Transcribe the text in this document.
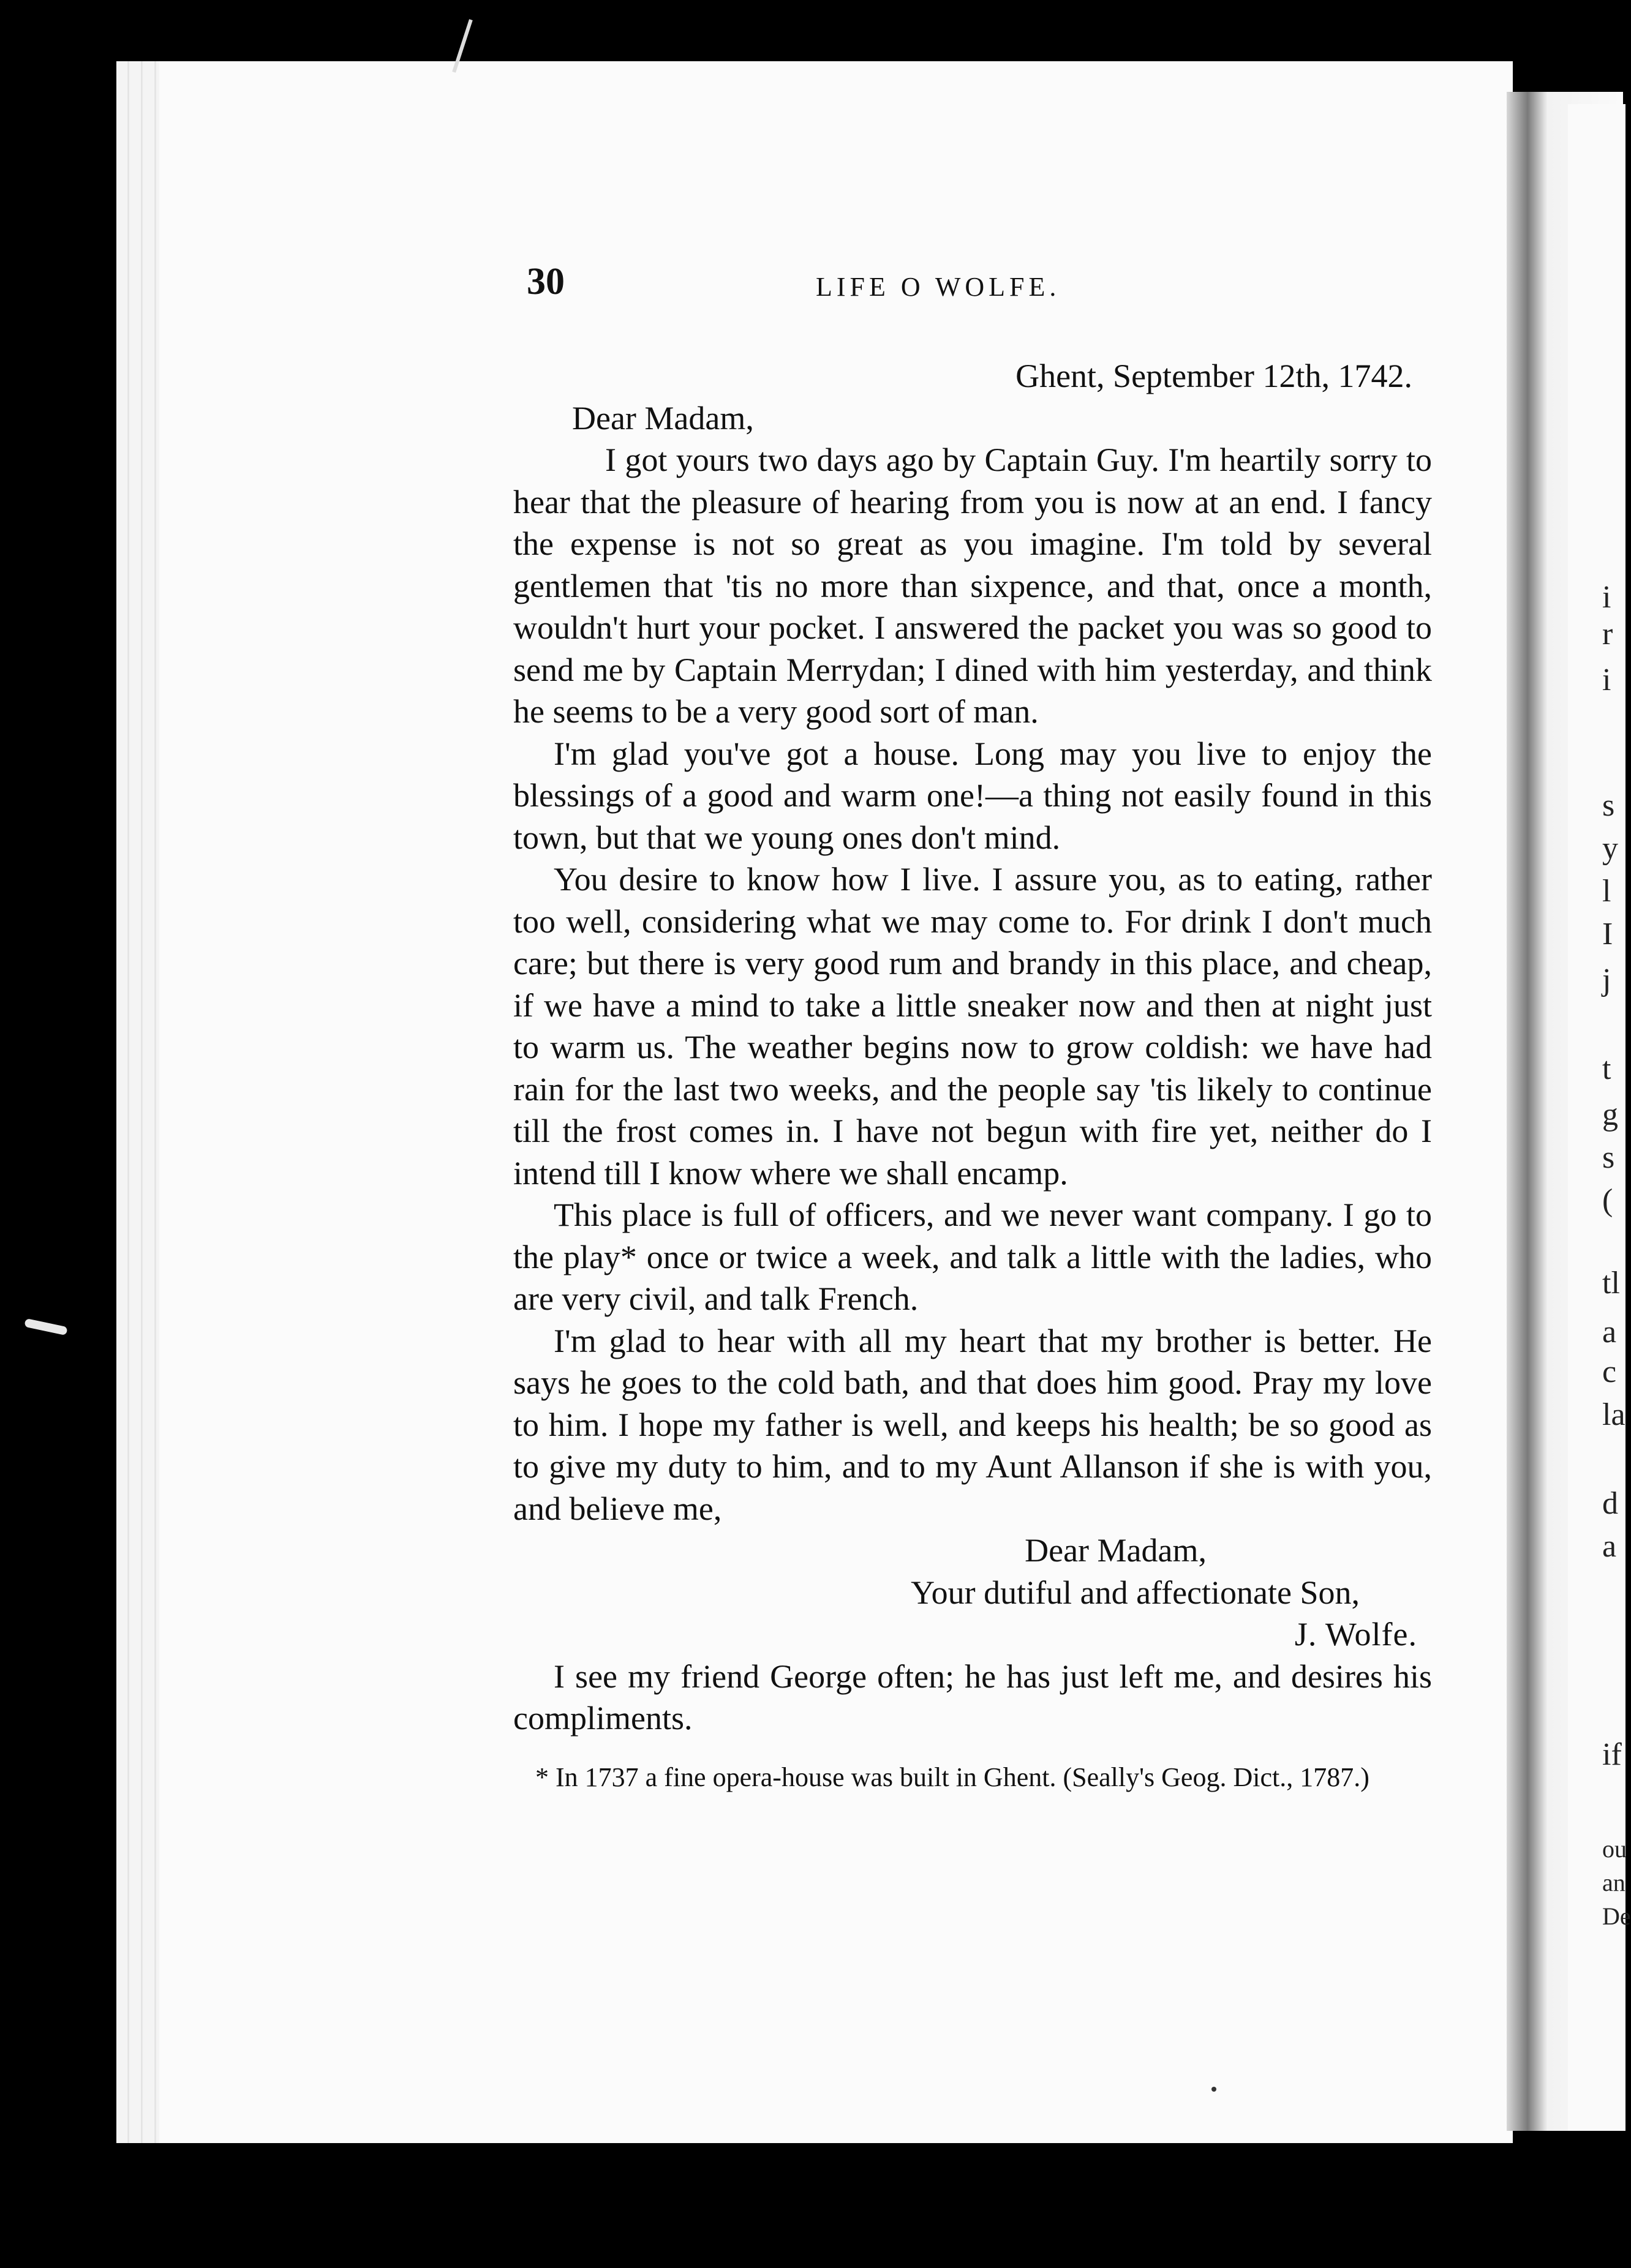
i
r
i
s
y
l
I
j
t
g
s
(
tl
a
c
la
d
a
if
ou
an
De
30	LIFE O WOLFE.

Ghent, September 12th, 1742.

Dear Madam,

I got yours two days ago by Captain Guy. I'm heartily sorry to hear that the pleasure of hearing from you is now at an end. I fancy the expense is not so great as you imagine. I'm told by several gentlemen that 'tis no more than sixpence, and that, once a month, wouldn't hurt your pocket. I answered the packet you was so good to send me by Captain Merrydan; I dined with him yesterday, and think he seems to be a very good sort of man.

I'm glad you've got a house. Long may you live to enjoy the blessings of a good and warm one!—a thing not easily found in this town, but that we young ones don't mind.

You desire to know how I live. I assure you, as to eating, rather too well, considering what we may come to. For drink I don't much care; but there is very good rum and brandy in this place, and cheap, if we have a mind to take a little sneaker now and then at night just to warm us. The weather begins now to grow coldish: we have had rain for the last two weeks, and the people say 'tis likely to continue till the frost comes in. I have not begun with fire yet, neither do I intend till I know where we shall encamp.

This place is full of officers, and we never want company. I go to the play* once or twice a week, and talk a little with the ladies, who are very civil, and talk French.

I'm glad to hear with all my heart that my brother is better. He says he goes to the cold bath, and that does him good. Pray my love to him. I hope my father is well, and keeps his health; be so good as to give my duty to him, and to my Aunt Allanson if she is with you, and believe me,

Dear Madam,

Your dutiful and affectionate Son,

J. Wolfe.

I see my friend George often; he has just left me, and desires his compliments.

* In 1737 a fine opera-house was built in Ghent. (Seally's Geog. Dict., 1787.)
